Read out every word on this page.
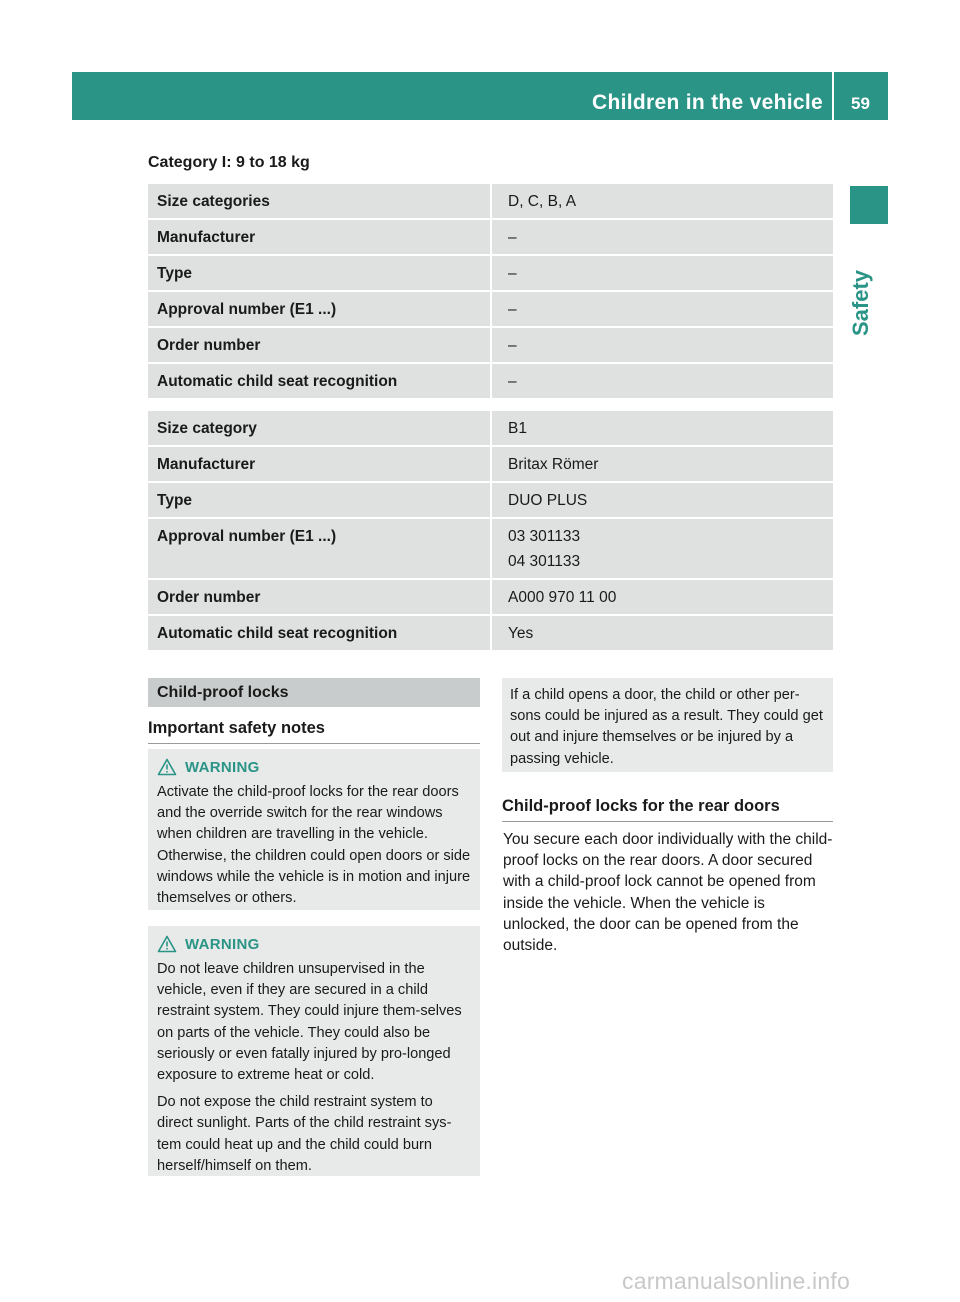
Children in the vehicle 59
Safety
Category I: 9 to 18 kg
Size categories	D, C, B, A
Manufacturer	–
Type	–
Approval number (E1 ...)	–
Order number	–
Automatic child seat recognition	–
Size category	B1
Manufacturer	Britax Römer
Type	DUO PLUS
Approval number (E1 ...)	03 301133
04 301133

Order number	A000 970 11 00
Automatic child seat recognition	Yes
Child-proof locks
Important safety notes
WARNING

Activate the child-proof locks for the rear doors and the override switch for the rear windows when children are travelling in the vehicle. Otherwise, the children could open doors or side windows while the vehicle is in motion and injure themselves or others.

WARNING

Do not leave children unsupervised in the vehicle, even if they are secured in a child restraint system. They could injure them-selves on parts of the vehicle. They could also be seriously or even fatally injured by pro-longed exposure to extreme heat or cold.

Do not expose the child restraint system to direct sunlight. Parts of the child restraint sys-tem could heat up and the child could burn herself/himself on them.

If a child opens a door, the child or other per-sons could be injured as a result. They could get out and injure themselves or be injured by a passing vehicle.

Child-proof locks for the rear doors

You secure each door individually with the child-proof locks on the rear doors. A door secured with a child-proof lock cannot be opened from inside the vehicle. When the vehicle is unlocked, the door can be opened from the outside.

carmanualsonline.info
